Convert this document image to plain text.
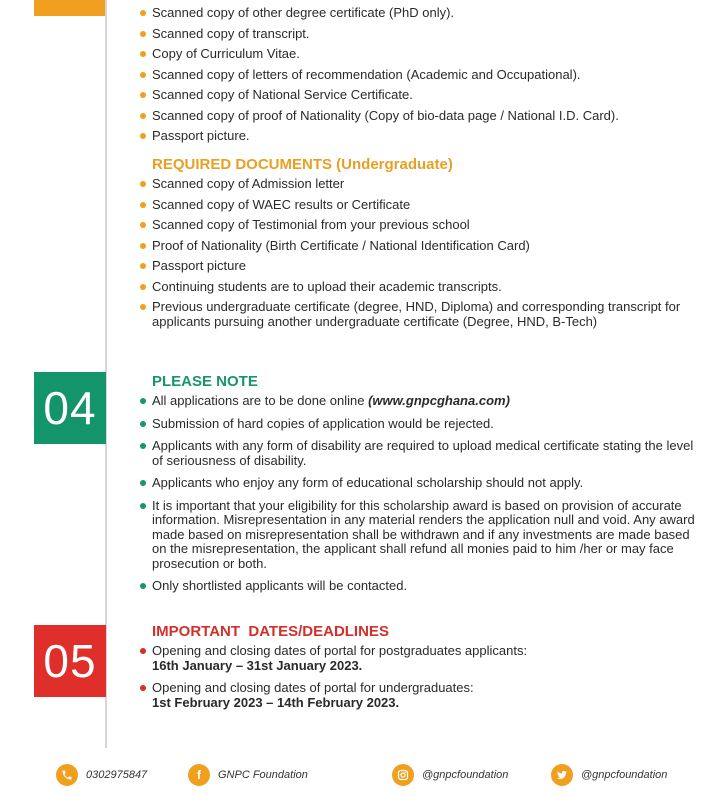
Scanned copy of other degree certificate (PhD only).
Scanned copy of transcript.
Copy of Curriculum Vitae.
Scanned copy of letters of recommendation (Academic and Occupational).
Scanned copy of National Service Certificate.
Scanned copy of proof of Nationality (Copy of bio-data page / National I.D. Card).
Passport picture.
REQUIRED DOCUMENTS (Undergraduate)
Scanned copy of Admission letter
Scanned copy of WAEC results or Certificate
Scanned copy of Testimonial from your previous school
Proof of Nationality (Birth Certificate / National Identification Card)
Passport picture
Continuing students are to upload their academic transcripts.
Previous undergraduate certificate (degree, HND, Diploma) and corresponding transcript for applicants pursuing another undergraduate certificate (Degree, HND, B-Tech)
04
PLEASE NOTE
All applications are to be done online (www.gnpcghana.com)
Submission of hard copies of application would be rejected.
Applicants with any form of disability are required to upload medical certificate stating the level of seriousness of disability.
Applicants who enjoy any form of educational scholarship should not apply.
It is important that your eligibility for this scholarship award is based on provision of accurate information. Misrepresentation in any material renders the application null and void. Any award made based on misrepresentation shall be withdrawn and if any investments are made based on the misrepresentation, the applicant shall refund all monies paid to him /her or may face prosecution or both.
Only shortlisted applicants will be contacted.
05
IMPORTANT  DATES/DEADLINES
Opening and closing dates of portal for postgraduates applicants:
16th January – 31st January 2023.
Opening and closing dates of portal for undergraduates:
1st February 2023 – 14th February 2023.
0302975847	f	GNPC Foundation	@gnpcfoundation	@gnpcfoundation
